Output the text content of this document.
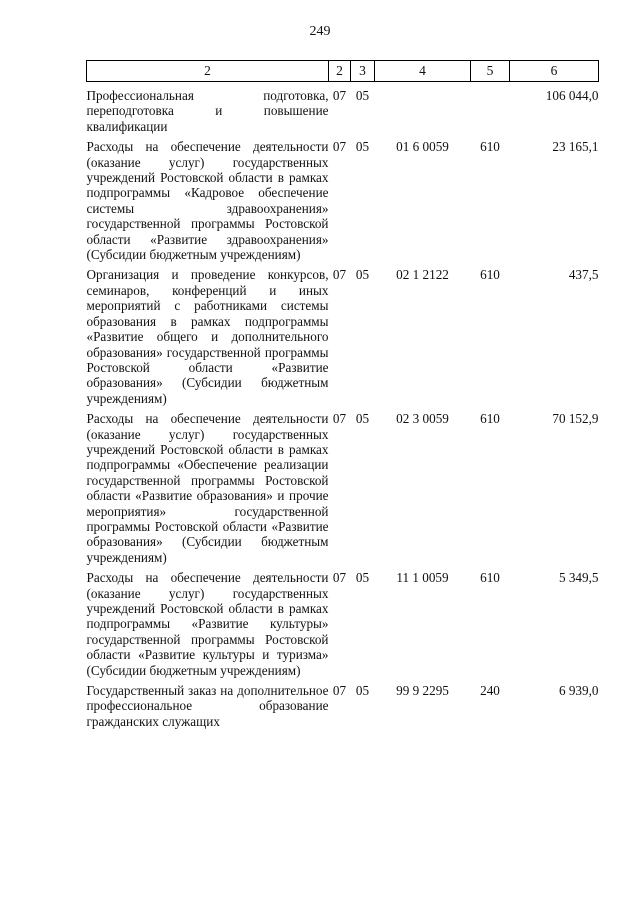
249
2	2	3	4	5	6
Профессиональная подготовка, переподготовка и повышение квалификации	07	05			106 044,0
Расходы на обеспечение деятельности (оказание услуг) государственных учреждений Ростовской области в рамках подпрограммы «Кадровое обеспечение системы здравоохранения» государственной программы Ростовской области «Развитие здравоохранения» (Субсидии бюджетным учреждениям)	07	05	01 6 0059	610	23 165,1
Организация и проведение конкурсов, семинаров, конференций и иных мероприятий с работниками системы образования в рамках подпрограммы «Развитие общего и дополнительного образования» государственной программы Ростовской области «Развитие образования» (Субсидии бюджетным учреждениям)	07	05	02 1 2122	610	437,5
Расходы на обеспечение деятельности (оказание услуг) государственных учреждений Ростовской области в рамках подпрограммы «Обеспечение реализации государственной программы Ростовской области «Развитие образования» и прочие мероприятия» государственной программы Ростовской области «Развитие образования» (Субсидии бюджетным учреждениям)	07	05	02 3 0059	610	70 152,9
Расходы на обеспечение деятельности (оказание услуг) государственных учреждений Ростовской области в рамках подпрограммы «Развитие культуры» государственной программы Ростовской области «Развитие культуры и туризма» (Субсидии бюджетным учреждениям)	07	05	11 1 0059	610	5 349,5
Государственный заказ на дополнительное профессиональное образование гражданских служащих	07	05	99 9 2295	240	6 939,0
